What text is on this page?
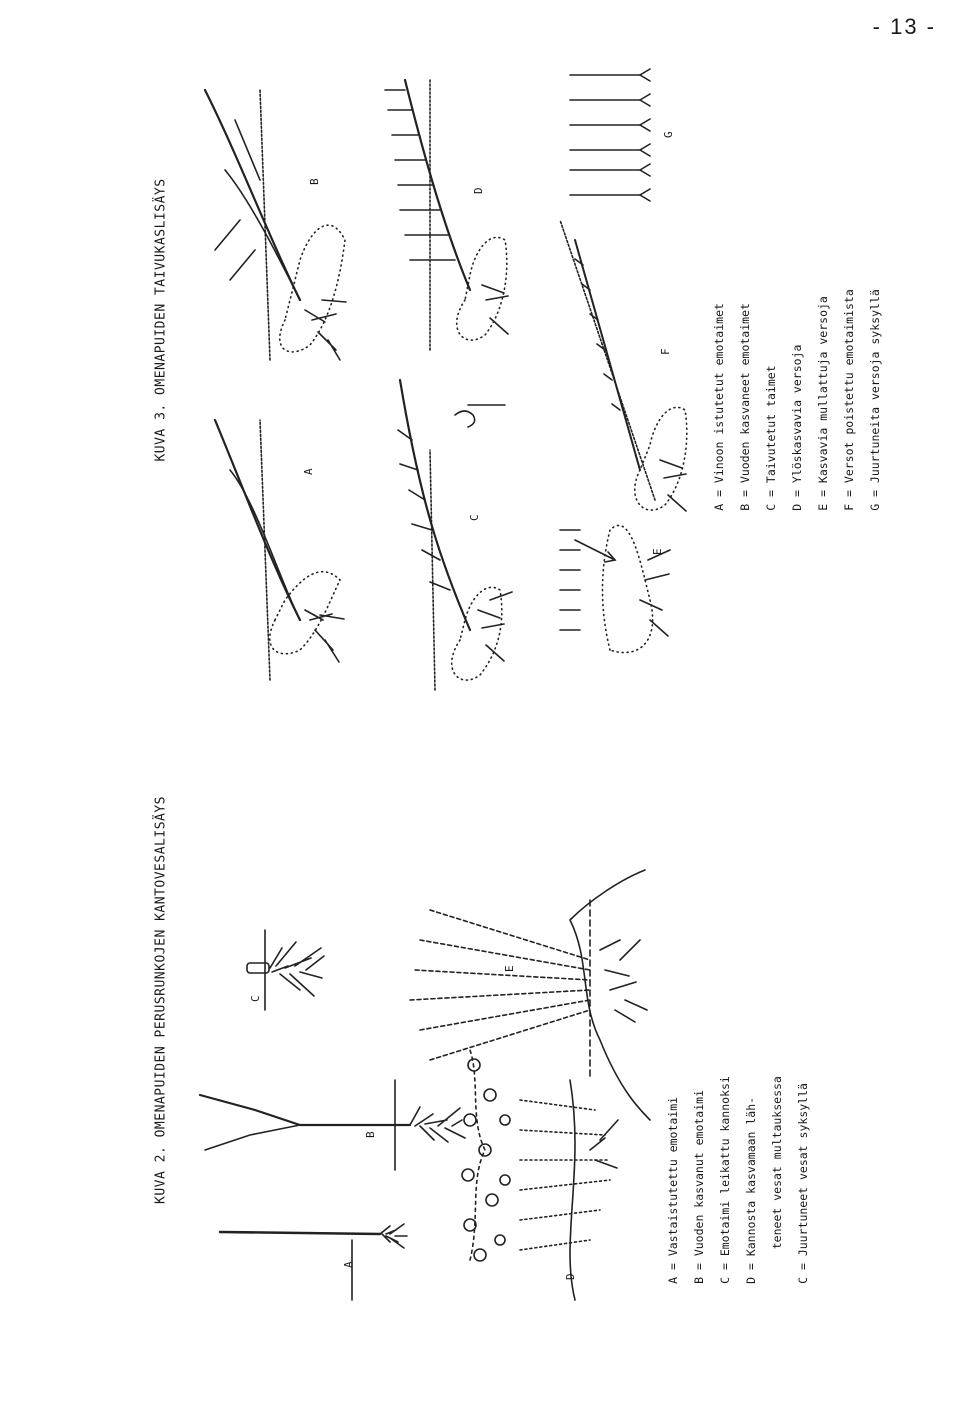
- 13 -
KUVA 2. OMENAPUIDEN PERUSRUNKOJEN KANTOVESALISÄYS
KUVA 3. OMENAPUIDEN TAIVUKASLISÄYS
A = Vastaistutettu emotaimi	B = Vuoden kasvanut emotaimi	C = Emotaimi leikattu kannoksi	D = Kannosta kasvamaan läh-	teneet vesat multauksessa	C = Juurtuneet vesat syksyllä
A = Vinoon istutetut emotaimet	B = Vuoden kasvaneet emotaimet	C = Taivutetut taimet	D = Ylöskasvavia versoja	E = Kasvavia mullattuja versoja	F = Versot poistettu emotaimista	G = Juurtuneita versoja syksyllä
A
B
C
D
E
A
B
C
D
E
F
G
